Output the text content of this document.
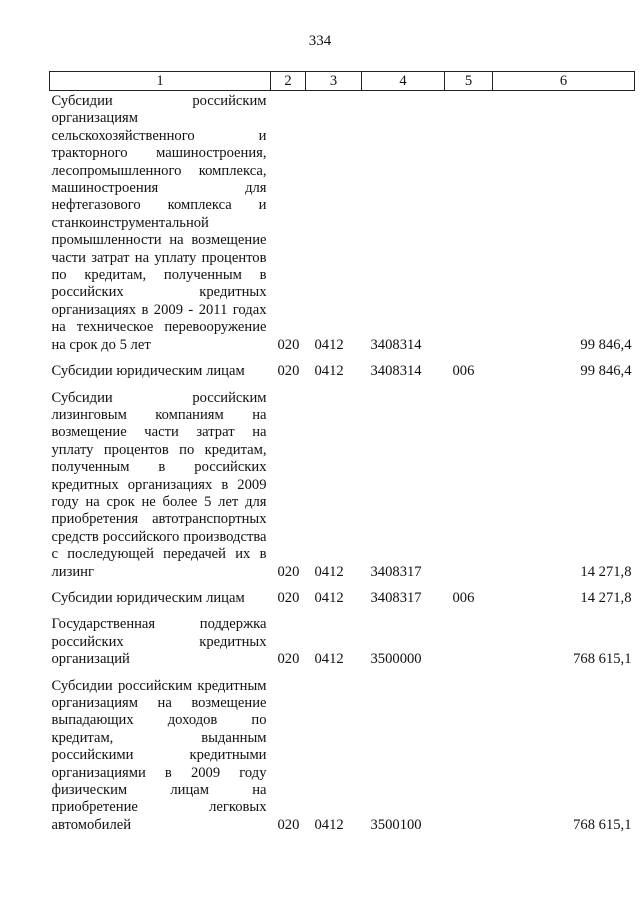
334
1	2	3	4	5	6
Субсидии российским организациям сельскохозяйственного и тракторного машиностроения, лесопромышленного комплекса, машиностроения для нефтегазового комплекса и станкоинструментальной промышленности на возмещение части затрат на уплату процентов по кредитам, полученным в российских кредитных организациях в 2009 - 2011 годах на техническое перевооружение на срок до 5 лет	020	0412	3408314		99 846,4
Субсидии юридическим лицам	020	0412	3408314	006	99 846,4
Субсидии российским лизинговым компаниям на возмещение части затрат на уплату процентов по кредитам, полученным в российских кредитных организациях в 2009 году на срок не более 5 лет для приобретения автотранспортных средств российского производства с последующей передачей их в лизинг	020	0412	3408317		14 271,8
Субсидии юридическим лицам	020	0412	3408317	006	14 271,8
Государственная поддержка российских кредитных организаций	020	0412	3500000		768 615,1
Субсидии российским кредитным организациям на возмещение выпадающих доходов по кредитам, выданным российскими кредитными организациями в 2009 году физическим лицам на приобретение легковых автомобилей	020	0412	3500100		768 615,1
